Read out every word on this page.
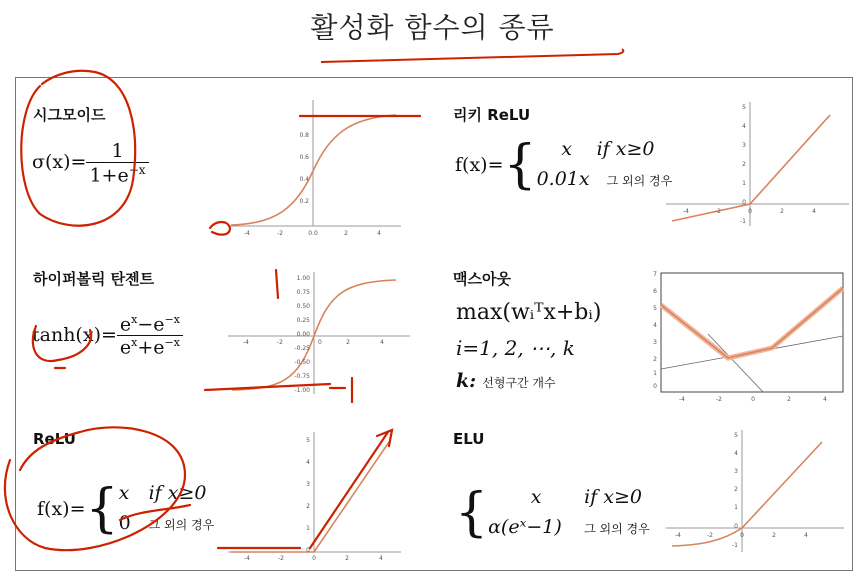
활성화 함수의 종류
시그모이드
$\sigma(x)= \frac{1}{1+e^{-x}}$
-4	-2	0.0	2	4
0.8
0.6
0.4
0.2
리키 ReLU
f(x)={	x if x≥0
0.01x 그 외의 경우
-4	-2	0	2	4
5
4
3
2
1
0
-1
하이퍼볼릭 탄젠트
$\tanh(x)= \frac{e^x-e^{-x}}{e^x+e^{-x}}$	-4	-2	0	2	4
1.00
0.75
0.50
0.25
0.00
-0.25
-0.50
-0.75
-1.00
맥스아웃
max(wᵢᵀx+bᵢ)
i=1, 2, ⋯, k
k: 선형구간 개수
-4	-2	0	2	4
7
6
5
4
3
2
1
0
ReLU
f(x)={ x if x≥0
0 그 외의 경우
-4	-2	0	2	4
5
4
3
2
1
0
ELU
{	x if x≥0
α(eˣ−1) 그 외의 경우	-4	-2	0	2	4
5
4
3
2
1
0
-1
